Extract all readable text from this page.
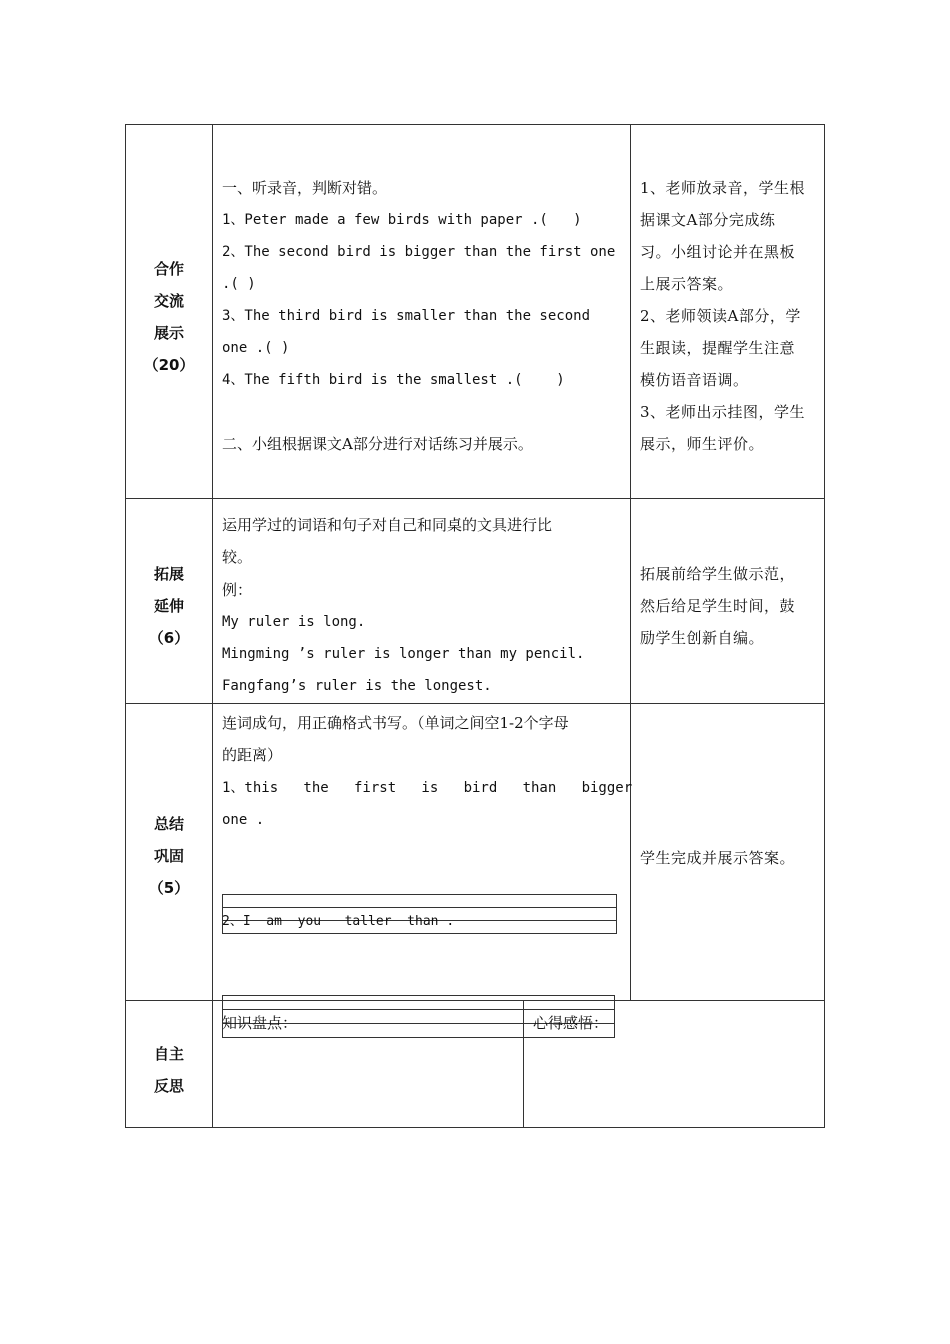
合作
交流
展示
（20）
一、听录音，判断对错。
1、Peter made a few birds with paper .(   )
2、The second bird is bigger than the first one
.( )
3、The third bird is smaller than the second
one .( )
4、The fifth bird is the smallest .(    )
二、小组根据课文A部分进行对话练习并展示。
1、老师放录音，学生根
据课文A部分完成练
习。小组讨论并在黑板
上展示答案。
2、老师领读A部分，学
生跟读，提醒学生注意
模仿语音语调。
3、老师出示挂图，学生
展示，师生评价。
拓展
延伸
（6）
运用学过的词语和句子对自己和同桌的文具进行比
较。
例：
My ruler is long.
Mingming ’s ruler is longer than my pencil.
Fangfang’s ruler is the longest.
拓展前给学生做示范，
然后给足学生时间，鼓
励学生创新自编。
总结
巩固
（5）
连词成句，用正确格式书写。（单词之间空1-2个字母
的距离）
1、this   the   first   is   bird   than   bigger
one .
2、I  am  you   taller  than .
学生完成并展示答案。
自主
反思
知识盘点：	心得感悟：
